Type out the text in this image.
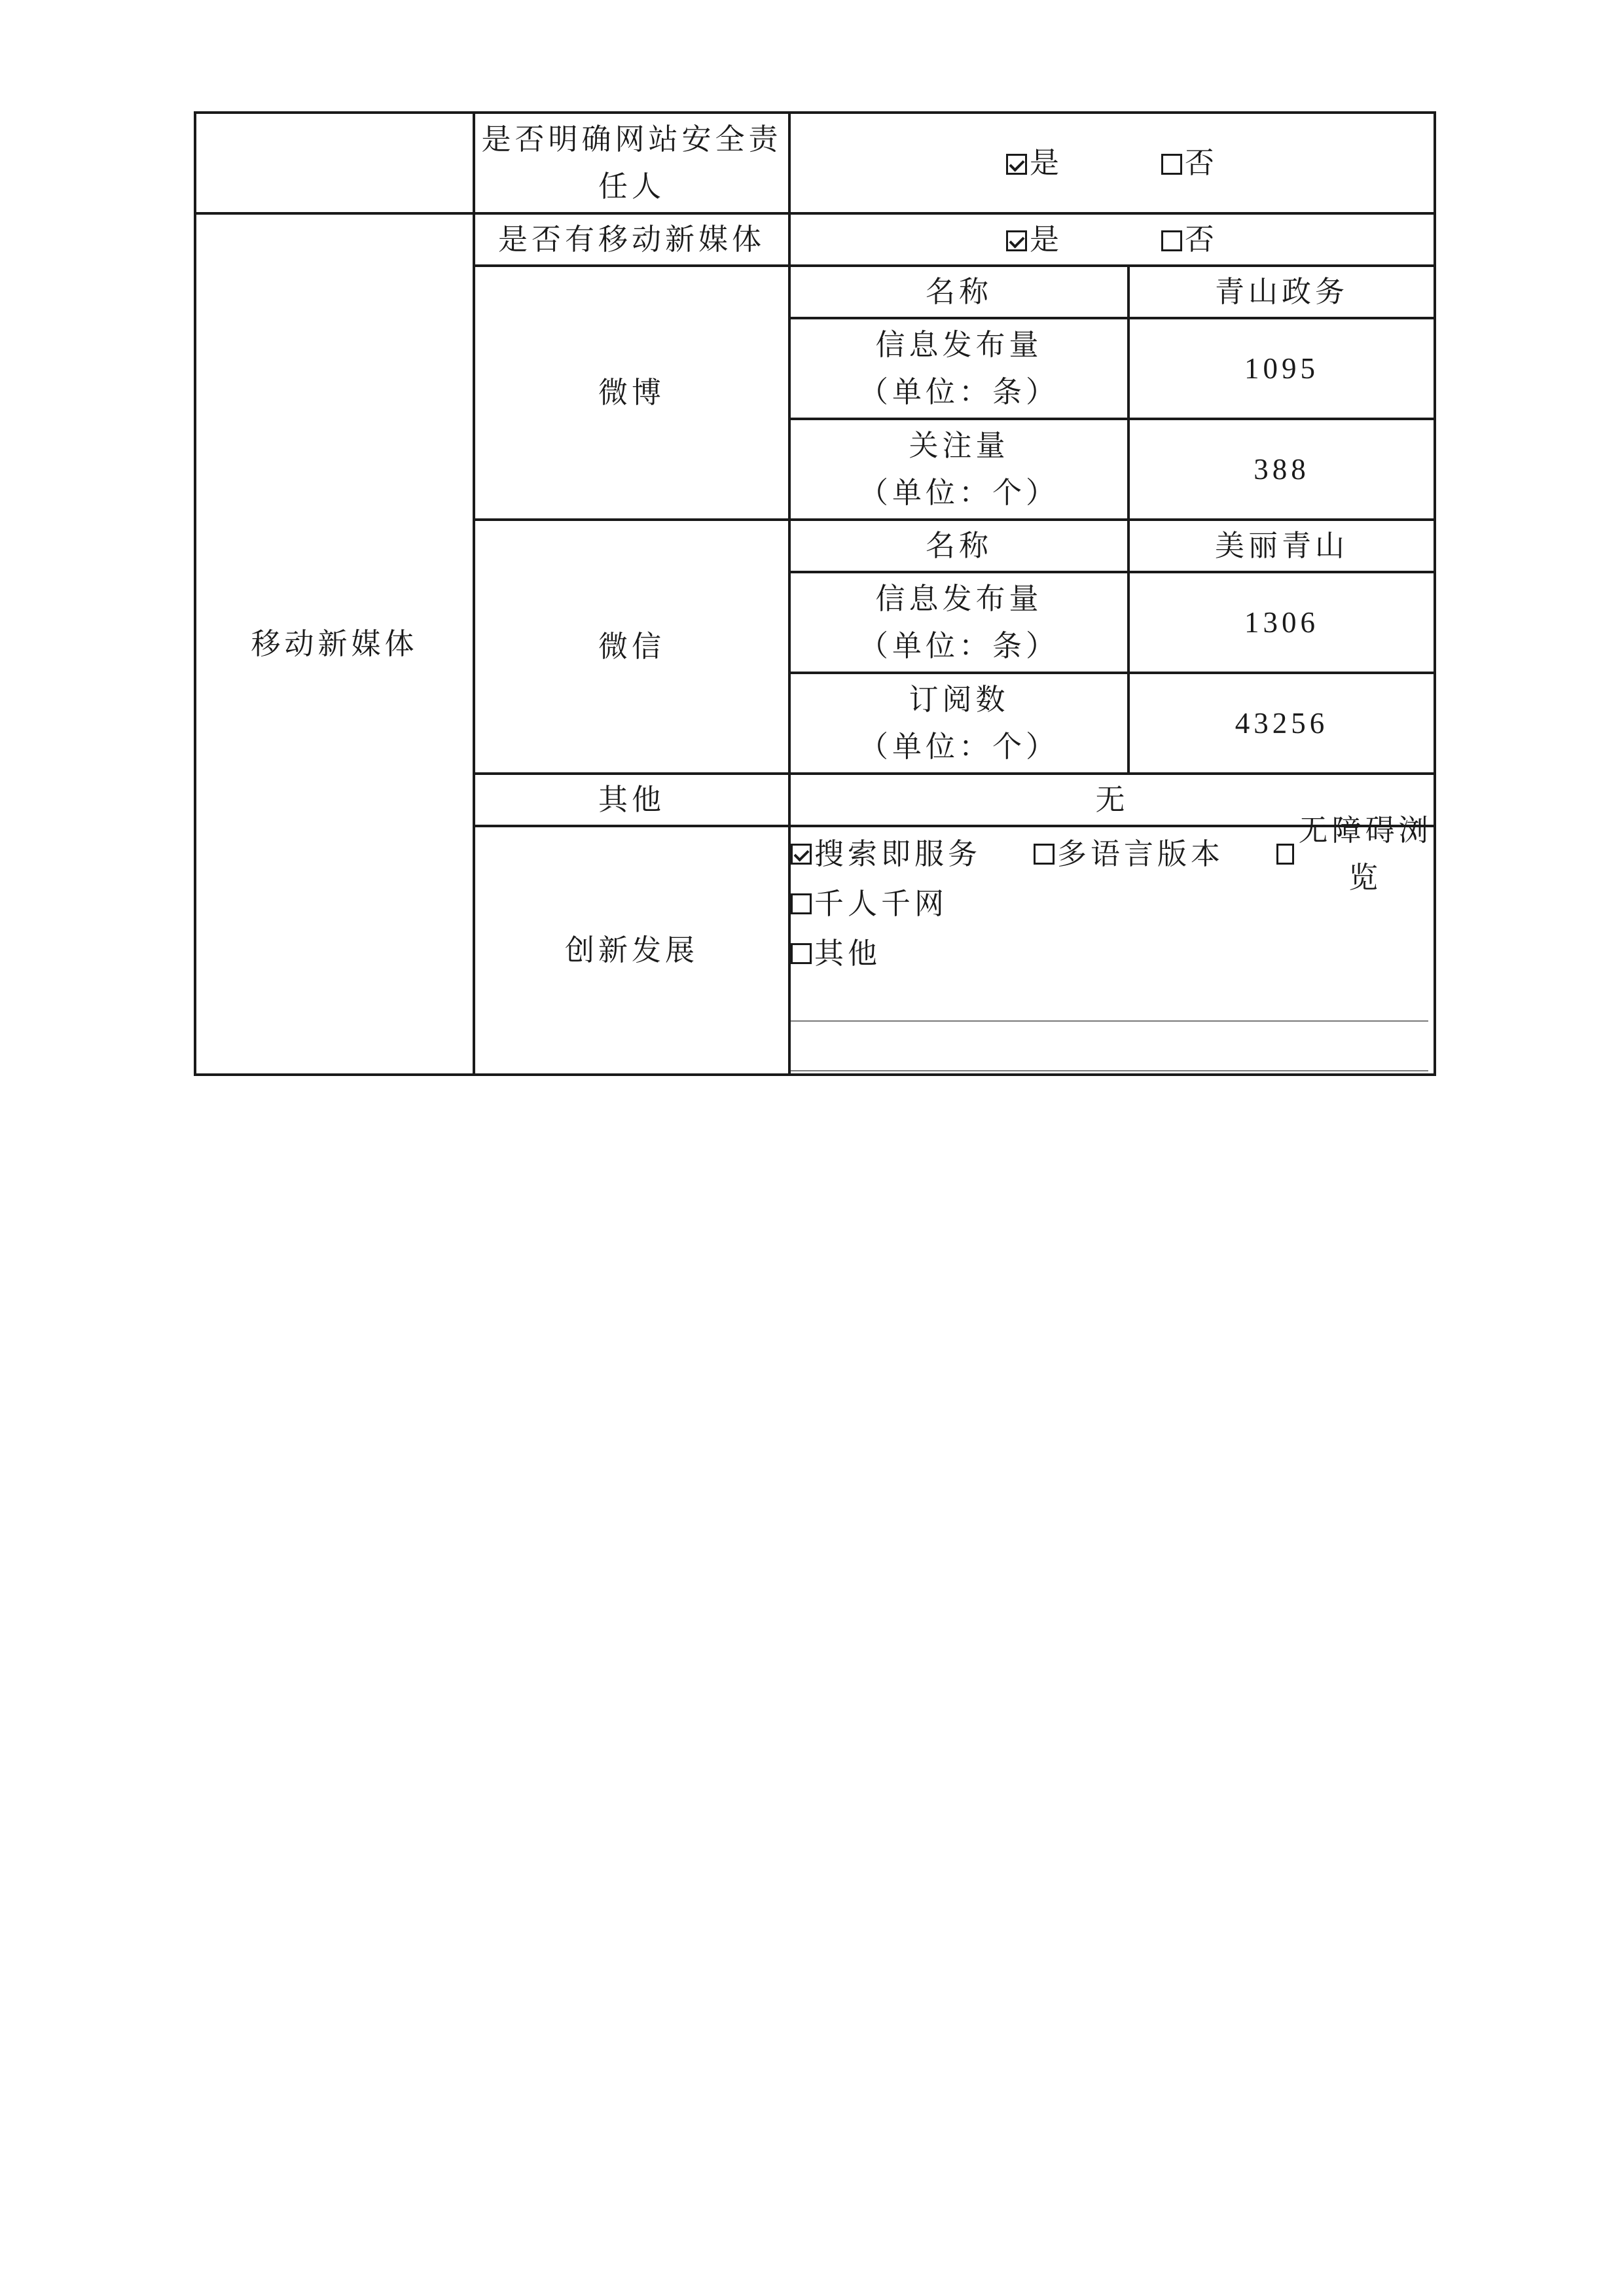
	是否明确网站安全责任人	是 否	
移动新媒体	是否有移动新媒体	是 否	
	微博	名称	青山政务

		信息发布量
（单位：条）	1095

		关注量
（单位：个）	388
	微信	名称	美丽青山

		信息发布量
（单位：条）	1306

		订阅数
（单位：个）	43256
	其他	无	
	创新发展	搜索即服务 多语言版本
无障碍浏览
千人千网
其他	
